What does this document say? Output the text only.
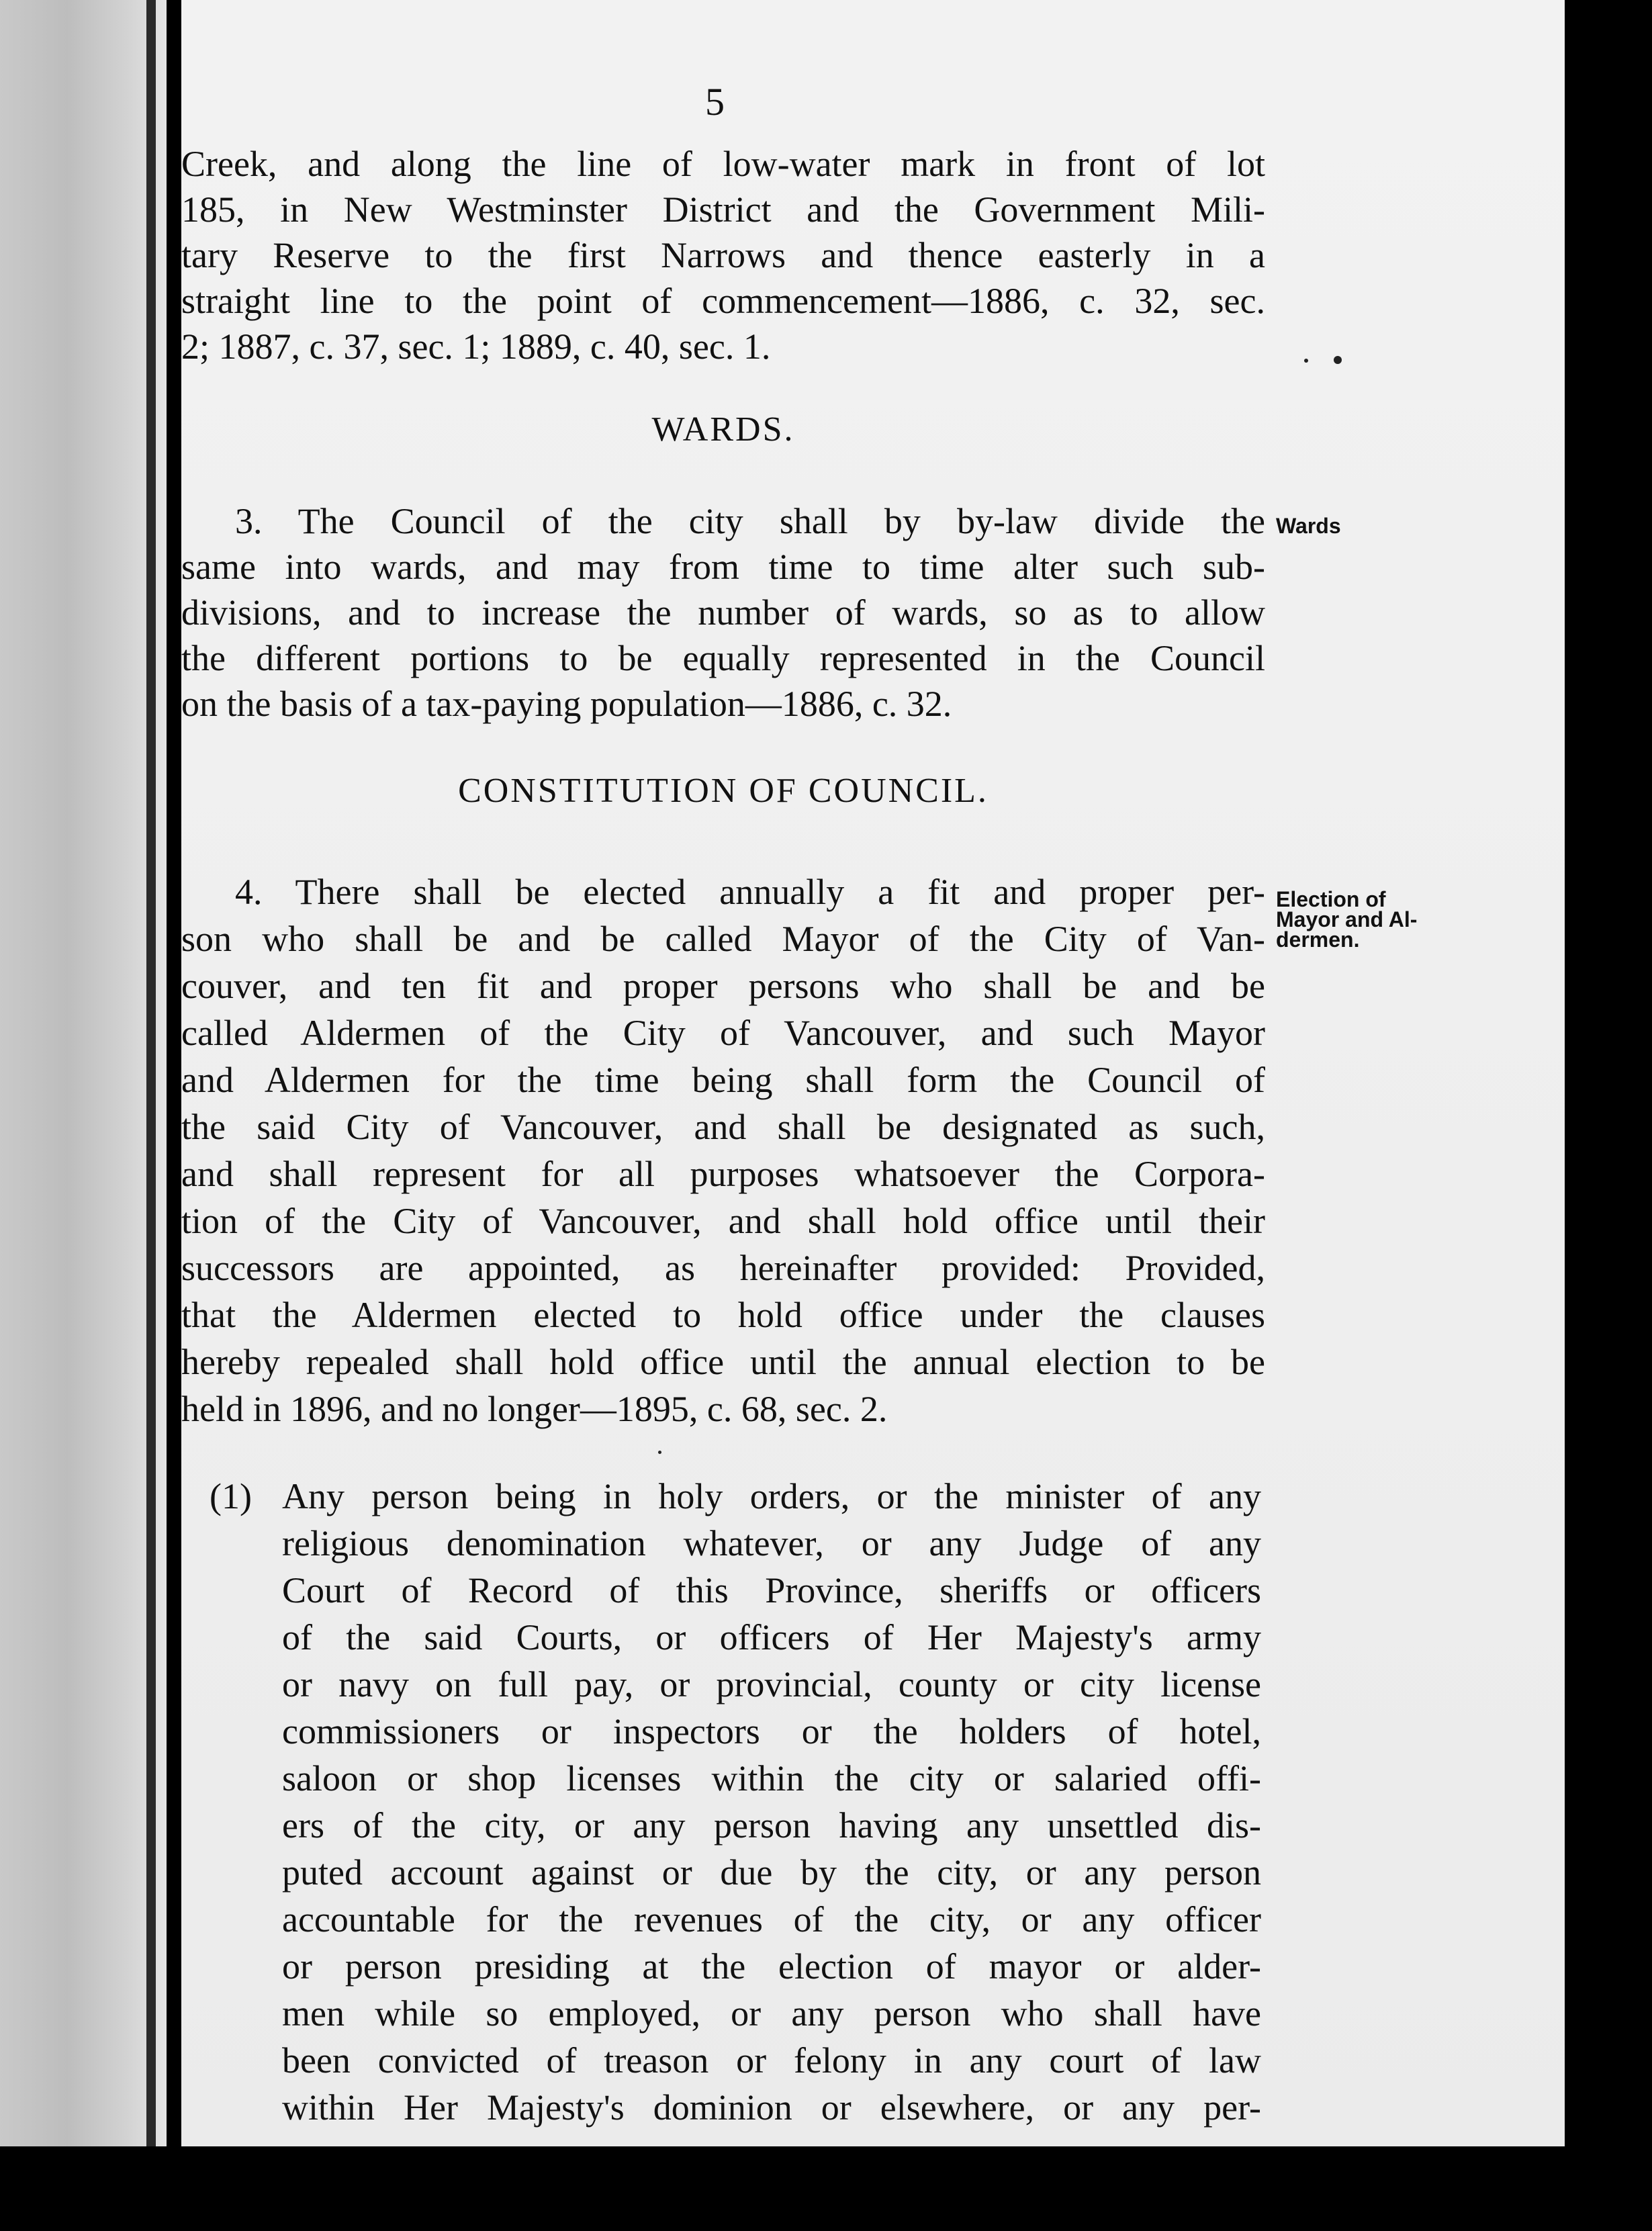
5
Creek, and along the line of low-water mark in front of lot
185, in New Westminster District and the Government Mili-
tary Reserve to the first Narrows and thence easterly in a
straight line to the point of commencement—1886, c. 32, sec.
2; 1887, c. 37, sec. 1; 1889, c. 40, sec. 1.
WARDS.
Wards
3. The Council of the city shall by by-law divide the
same into wards, and may from time to time alter such sub-
divisions, and to increase the number of wards, so as to allow
the different portions to be equally represented in the Council
on the basis of a tax-paying population—1886, c. 32.
CONSTITUTION OF COUNCIL.
Election of
Mayor and Al-
dermen.
4. There shall be elected annually a fit and proper per-
son who shall be and be called Mayor of the City of Van-
couver, and ten fit and proper persons who shall be and be
called Aldermen of the City of Vancouver, and such Mayor
and Aldermen for the time being shall form the Council of
the said City of Vancouver, and shall be designated as such,
and shall represent for all purposes whatsoever the Corpora-
tion of the City of Vancouver, and shall hold office until their
successors are appointed, as hereinafter provided: Provided,
that the Aldermen elected to hold office under the clauses
hereby repealed shall hold office until the annual election to be
held in 1896, and no longer—1895, c. 68, sec. 2.
(1) Any person being in holy orders, or the minister of any
religious denomination whatever, or any Judge of any
Court of Record of this Province, sheriffs or officers
of the said Courts, or officers of Her Majesty's army
or navy on full pay, or provincial, county or city license
commissioners or inspectors or the holders of hotel,
saloon or shop licenses within the city or salaried offi-
ers of the city, or any person having any unsettled dis-
puted account against or due by the city, or any person
accountable for the revenues of the city, or any officer
or person presiding at the election of mayor or alder-
men while so employed, or any person who shall have
been convicted of treason or felony in any court of law
within Her Majesty's dominion or elsewhere, or any per-
